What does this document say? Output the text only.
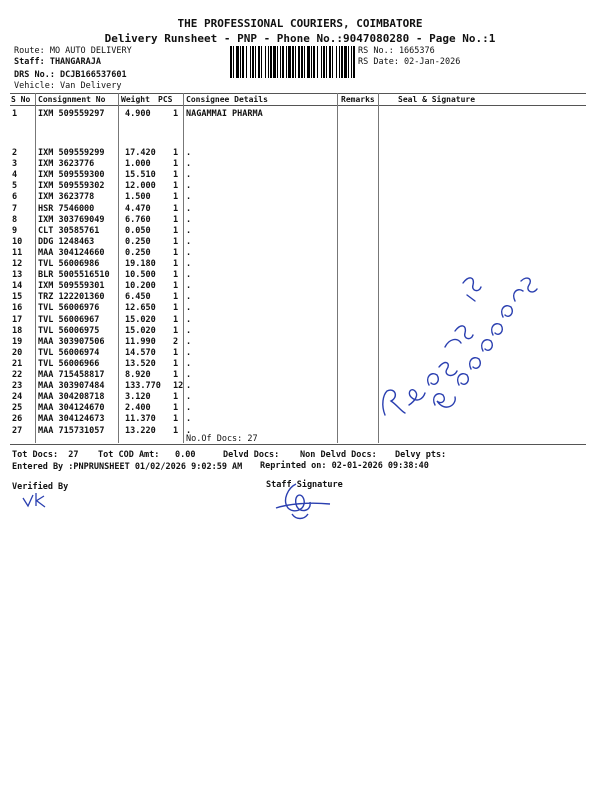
THE PROFESSIONAL COURIERS, COIMBATORE
Delivery Runsheet - PNP - Phone No.:9047080280 - Page No.:1
Route: MO AUTO DELIVERY
Staff: THANGARAJA
DRS No.: DCJB166537601
Vehicle: Van Delivery
RS No.: 1665376
RS Date: 02-Jan-2026
S No Consignment No Weight PCS Consignee Details	Remarks	Seal & Signature
1 IXM 509559297 4.900	1 NAGAMMAI PHARMA
2 IXM 509559299 17.420 1 .
3 IXM 3623776	1.000	1 .
4 IXM 509559300 15.510 1 .
5 IXM 509559302 12.000 1 .
6 IXM 3623778	1.500	1 .
7 HSR 7546000	4.470	1 .
8 IXM 303769049 6.760	1 .
9 CLT 30585761	0.050	1 .
10 DDG 1248463	0.250	1 .
11 MAA 304124660 0.250	1 .
12 TVL 56006986	19.180 1 .
13 BLR 5005516510 10.500 1 .
14 IXM 509559301 10.200 1 .
15 TRZ 122201360 6.450	1 .
16 TVL 56006976	12.650 1 .
17 TVL 56006967	15.020 1 .
18 TVL 56006975	15.020 1 .
19 MAA 303907506 11.990 2 .
20 TVL 56006974	14.570 1 .
21 TVL 56006966	13.520 1 .
22 MAA 715458817 8.920	1 .
23 MAA 303907484 133.770 12 .
24 MAA 304208718 3.120	1 .
25 MAA 304124670 2.400	1 .
26 MAA 304124673 11.370 1 .
27 MAA 715731057 13.220 1 .
No.Of Docs: 27
Tot Docs:  27 Tot COD Amt: 0.00	Delvd Docs: Non Delvd Docs: Delvy pts:
Entered By :PNPRUNSHEET 01/02/2026 9:02:59 AM Reprinted on: 02-01-2026 09:38:40
Verified By	Staff Signature
